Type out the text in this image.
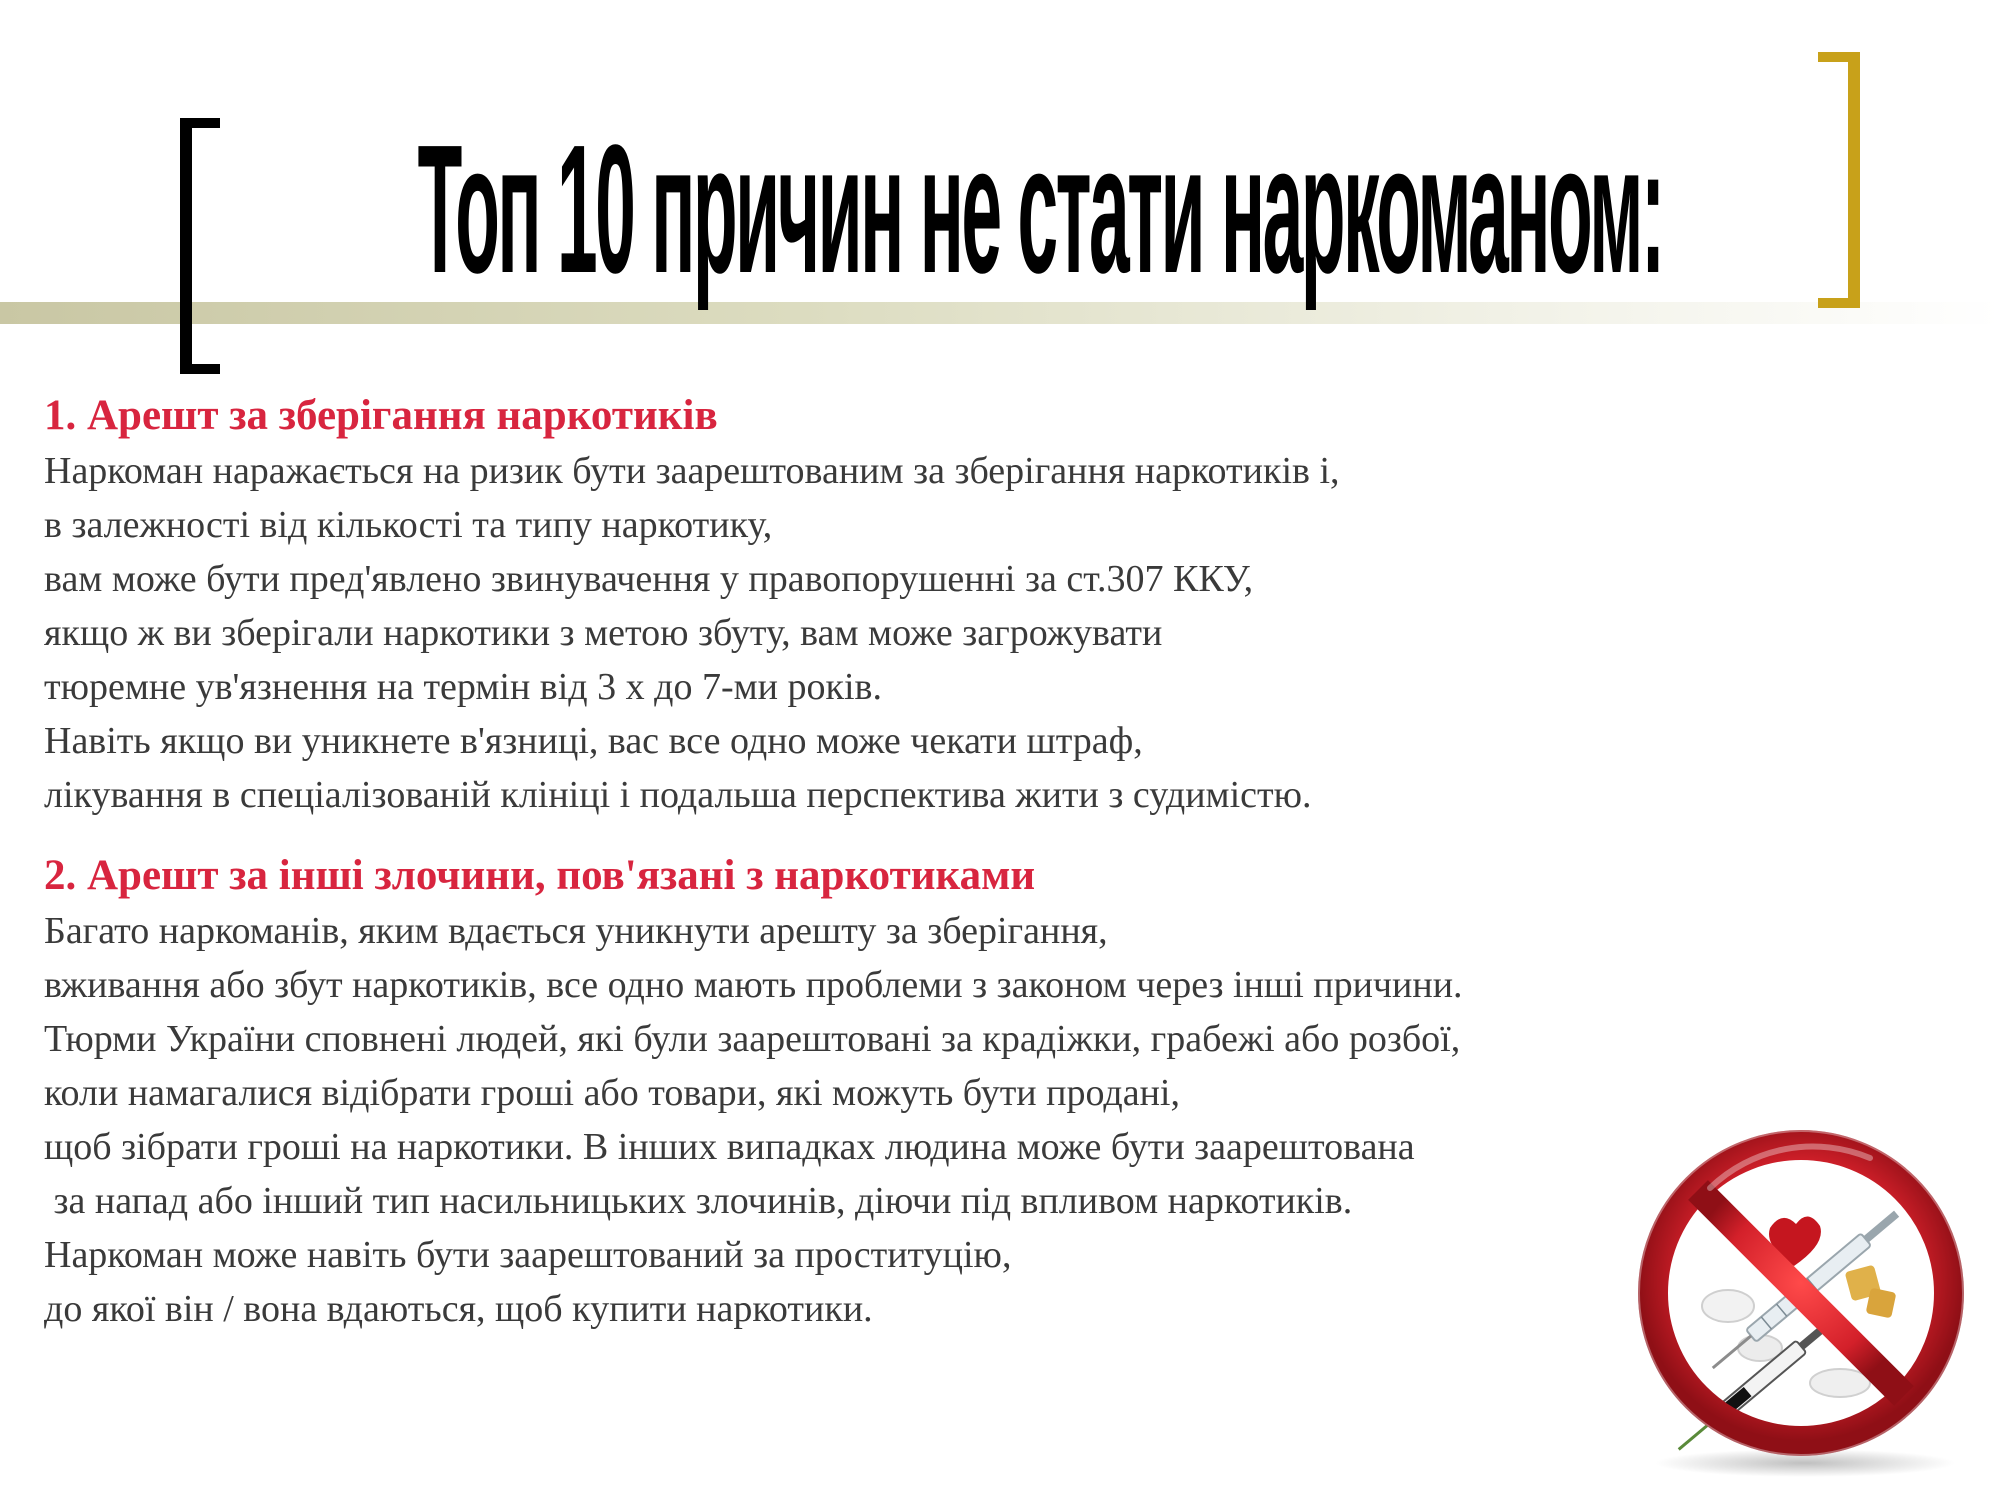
Топ 10 причин не стати наркоманом:

1. Арешт за зберігання наркотиків

Наркоман наражається на ризик бути заарештованим за зберігання наркотиків і,
в залежності від кількості та типу наркотику,
вам може бути пред'явлено звинувачення у правопорушенні за ст.307 ККУ,
якщо ж ви зберігали наркотики з метою збуту, вам може загрожувати
тюремне ув'язнення на термін від 3 х до 7-ми років.
Навіть якщо ви уникнете в'язниці, вас все одно може чекати штраф,
лікування в спеціалізованій клініці і подальша перспектива жити з судимістю.

2. Арешт за інші злочини, пов'язані з наркотиками

Багато наркоманів, яким вдається уникнути арешту за зберігання,
вживання або збут наркотиків, все одно мають проблеми з законом через інші причини.
Тюрми України сповнені людей, які були заарештовані за крадіжки, грабежі або розбої,
коли намагалися відібрати гроші або товари, які можуть бути продані,
щоб зібрати гроші на наркотики. В інших випадках людина може бути заарештована
за напад або інший тип насильницьких злочинів, діючи під впливом наркотиків.
Наркоман може навіть бути заарештований за проституцію,
до якої він / вона вдаються, щоб купити наркотики.
